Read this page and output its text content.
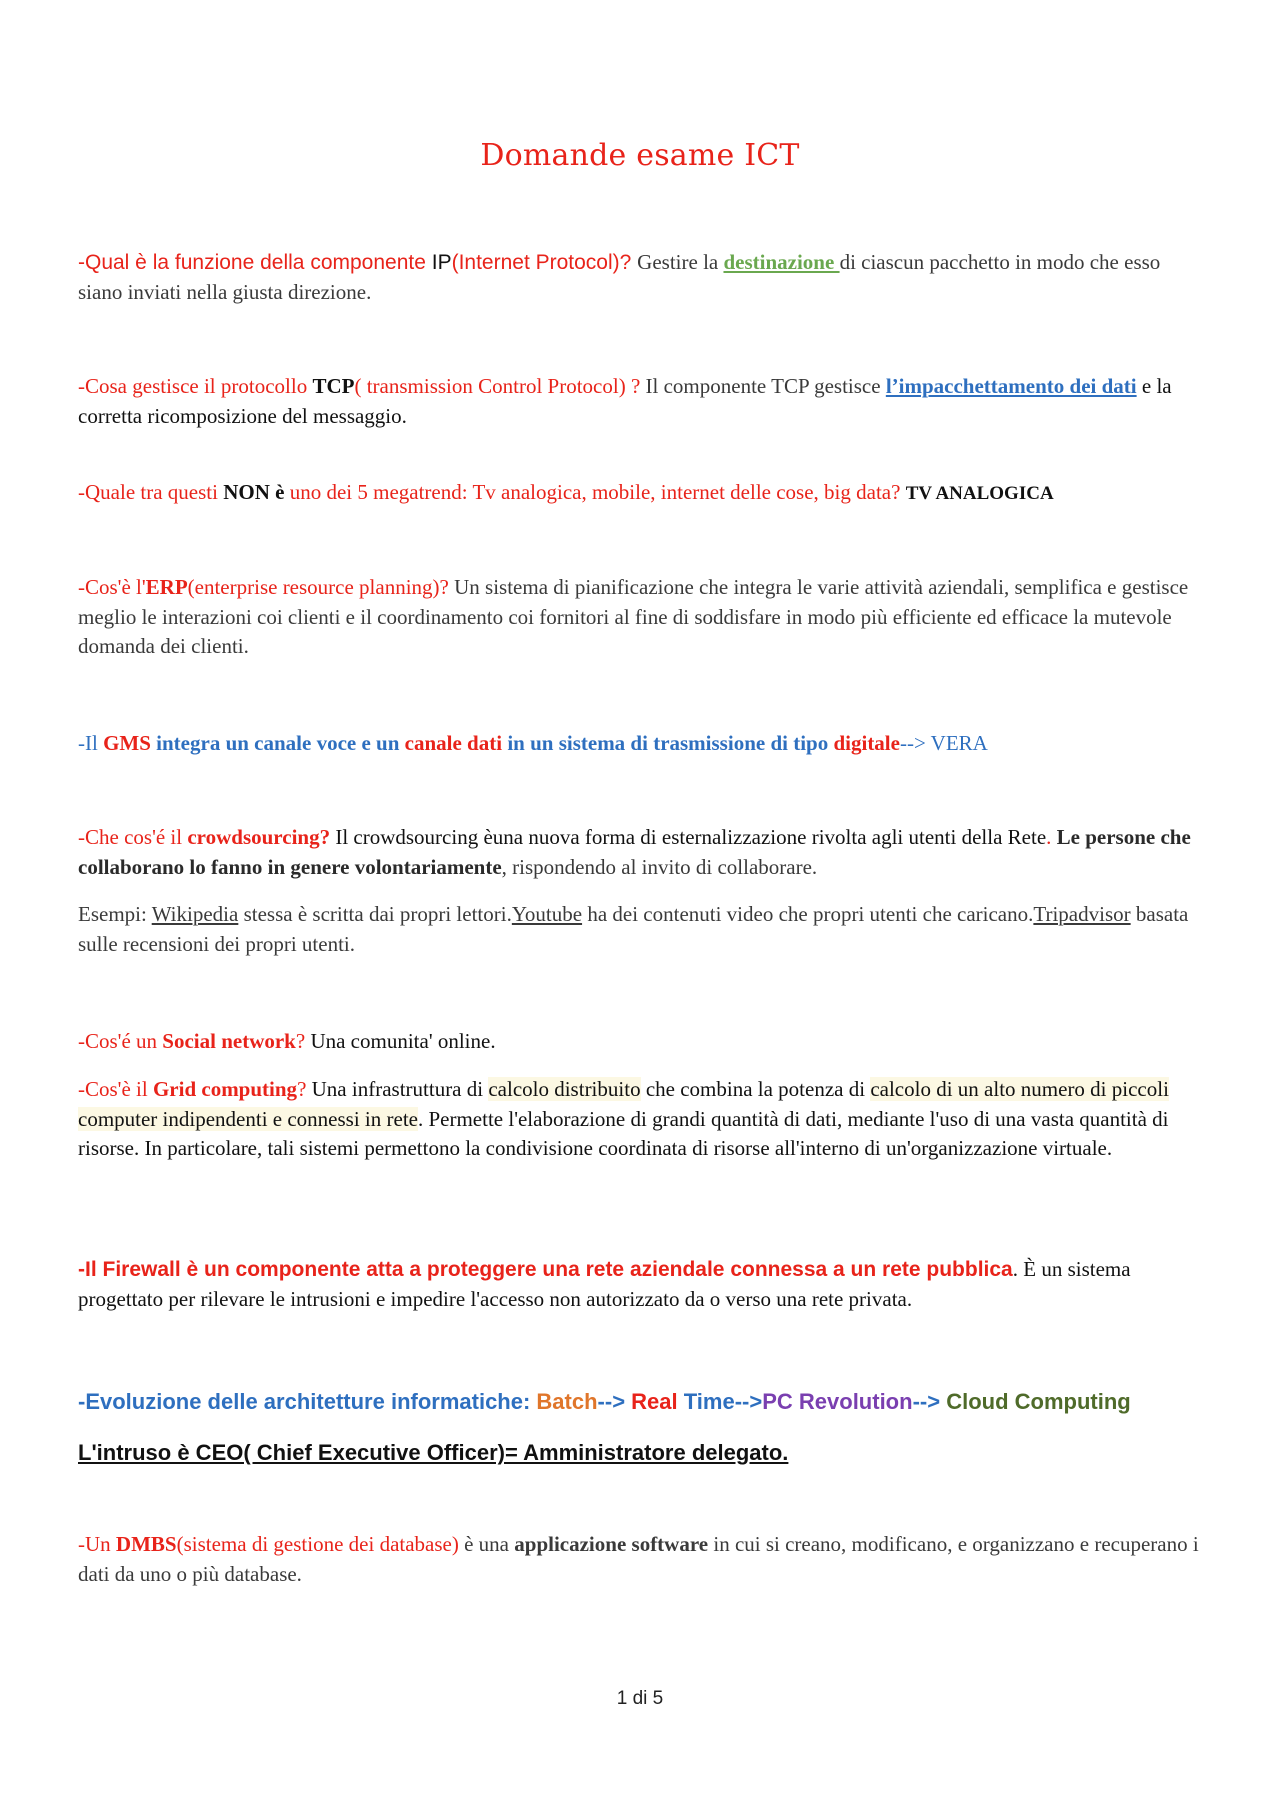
Domande esame ICT
-Qual è la funzione della componente IP(Internet Protocol)? Gestire la destinazione di ciascun pacchetto in modo che esso siano inviati nella giusta direzione.
-Cosa gestisce il protocollo TCP( transmission Control Protocol) ? Il componente TCP gestisce l’impacchettamento dei dati e la corretta ricomposizione del messaggio.
-Quale tra questi NON è uno dei 5 megatrend: Tv analogica, mobile, internet delle cose, big data? TV ANALOGICA
-Cos'è l'ERP(enterprise resource planning)? Un sistema di pianificazione che integra le varie attività aziendali, semplifica e gestisce meglio le interazioni coi clienti e il coordinamento coi fornitori al fine di soddisfare in modo più efficiente ed efficace la mutevole domanda dei clienti.
-Il GMS integra un canale voce e un canale dati in un sistema di trasmissione di tipo digitale--> VERA
-Che cos'é il crowdsourcing? Il crowdsourcing èuna nuova forma di esternalizzazione rivolta agli utenti della Rete. Le persone che collaborano lo fanno in genere volontariamente, rispondendo al invito di collaborare.
Esempi: Wikipedia stessa è scritta dai propri lettori.Youtube ha dei contenuti video che propri utenti che caricano.Tripadvisor basata sulle recensioni dei propri utenti.
-Cos'é un Social network? Una comunita' online.
-Cos'è il Grid computing? Una infrastruttura di calcolo distribuito che combina la potenza di calcolo di un alto numero di piccoli computer indipendenti e connessi in rete. Permette l'elaborazione di grandi quantità di dati, mediante l'uso di una vasta quantità di risorse. In particolare, tali sistemi permettono la condivisione coordinata di risorse all'interno di un'organizzazione virtuale.
-Il Firewall è un componente atta a proteggere una rete aziendale connessa a un rete pubblica. È un sistema progettato per rilevare le intrusioni e impedire l'accesso non autorizzato da o verso una rete privata.
-Evoluzione delle architetture informatiche: Batch--> Real Time-->PC Revolution--> Cloud Computing
L'intruso è CEO( Chief Executive Officer)= Amministratore delegato.
-Un DMBS(sistema di gestione dei database) è una applicazione software in cui si creano, modificano, e organizzano e recuperano i dati da uno o più database.
1 di 5
